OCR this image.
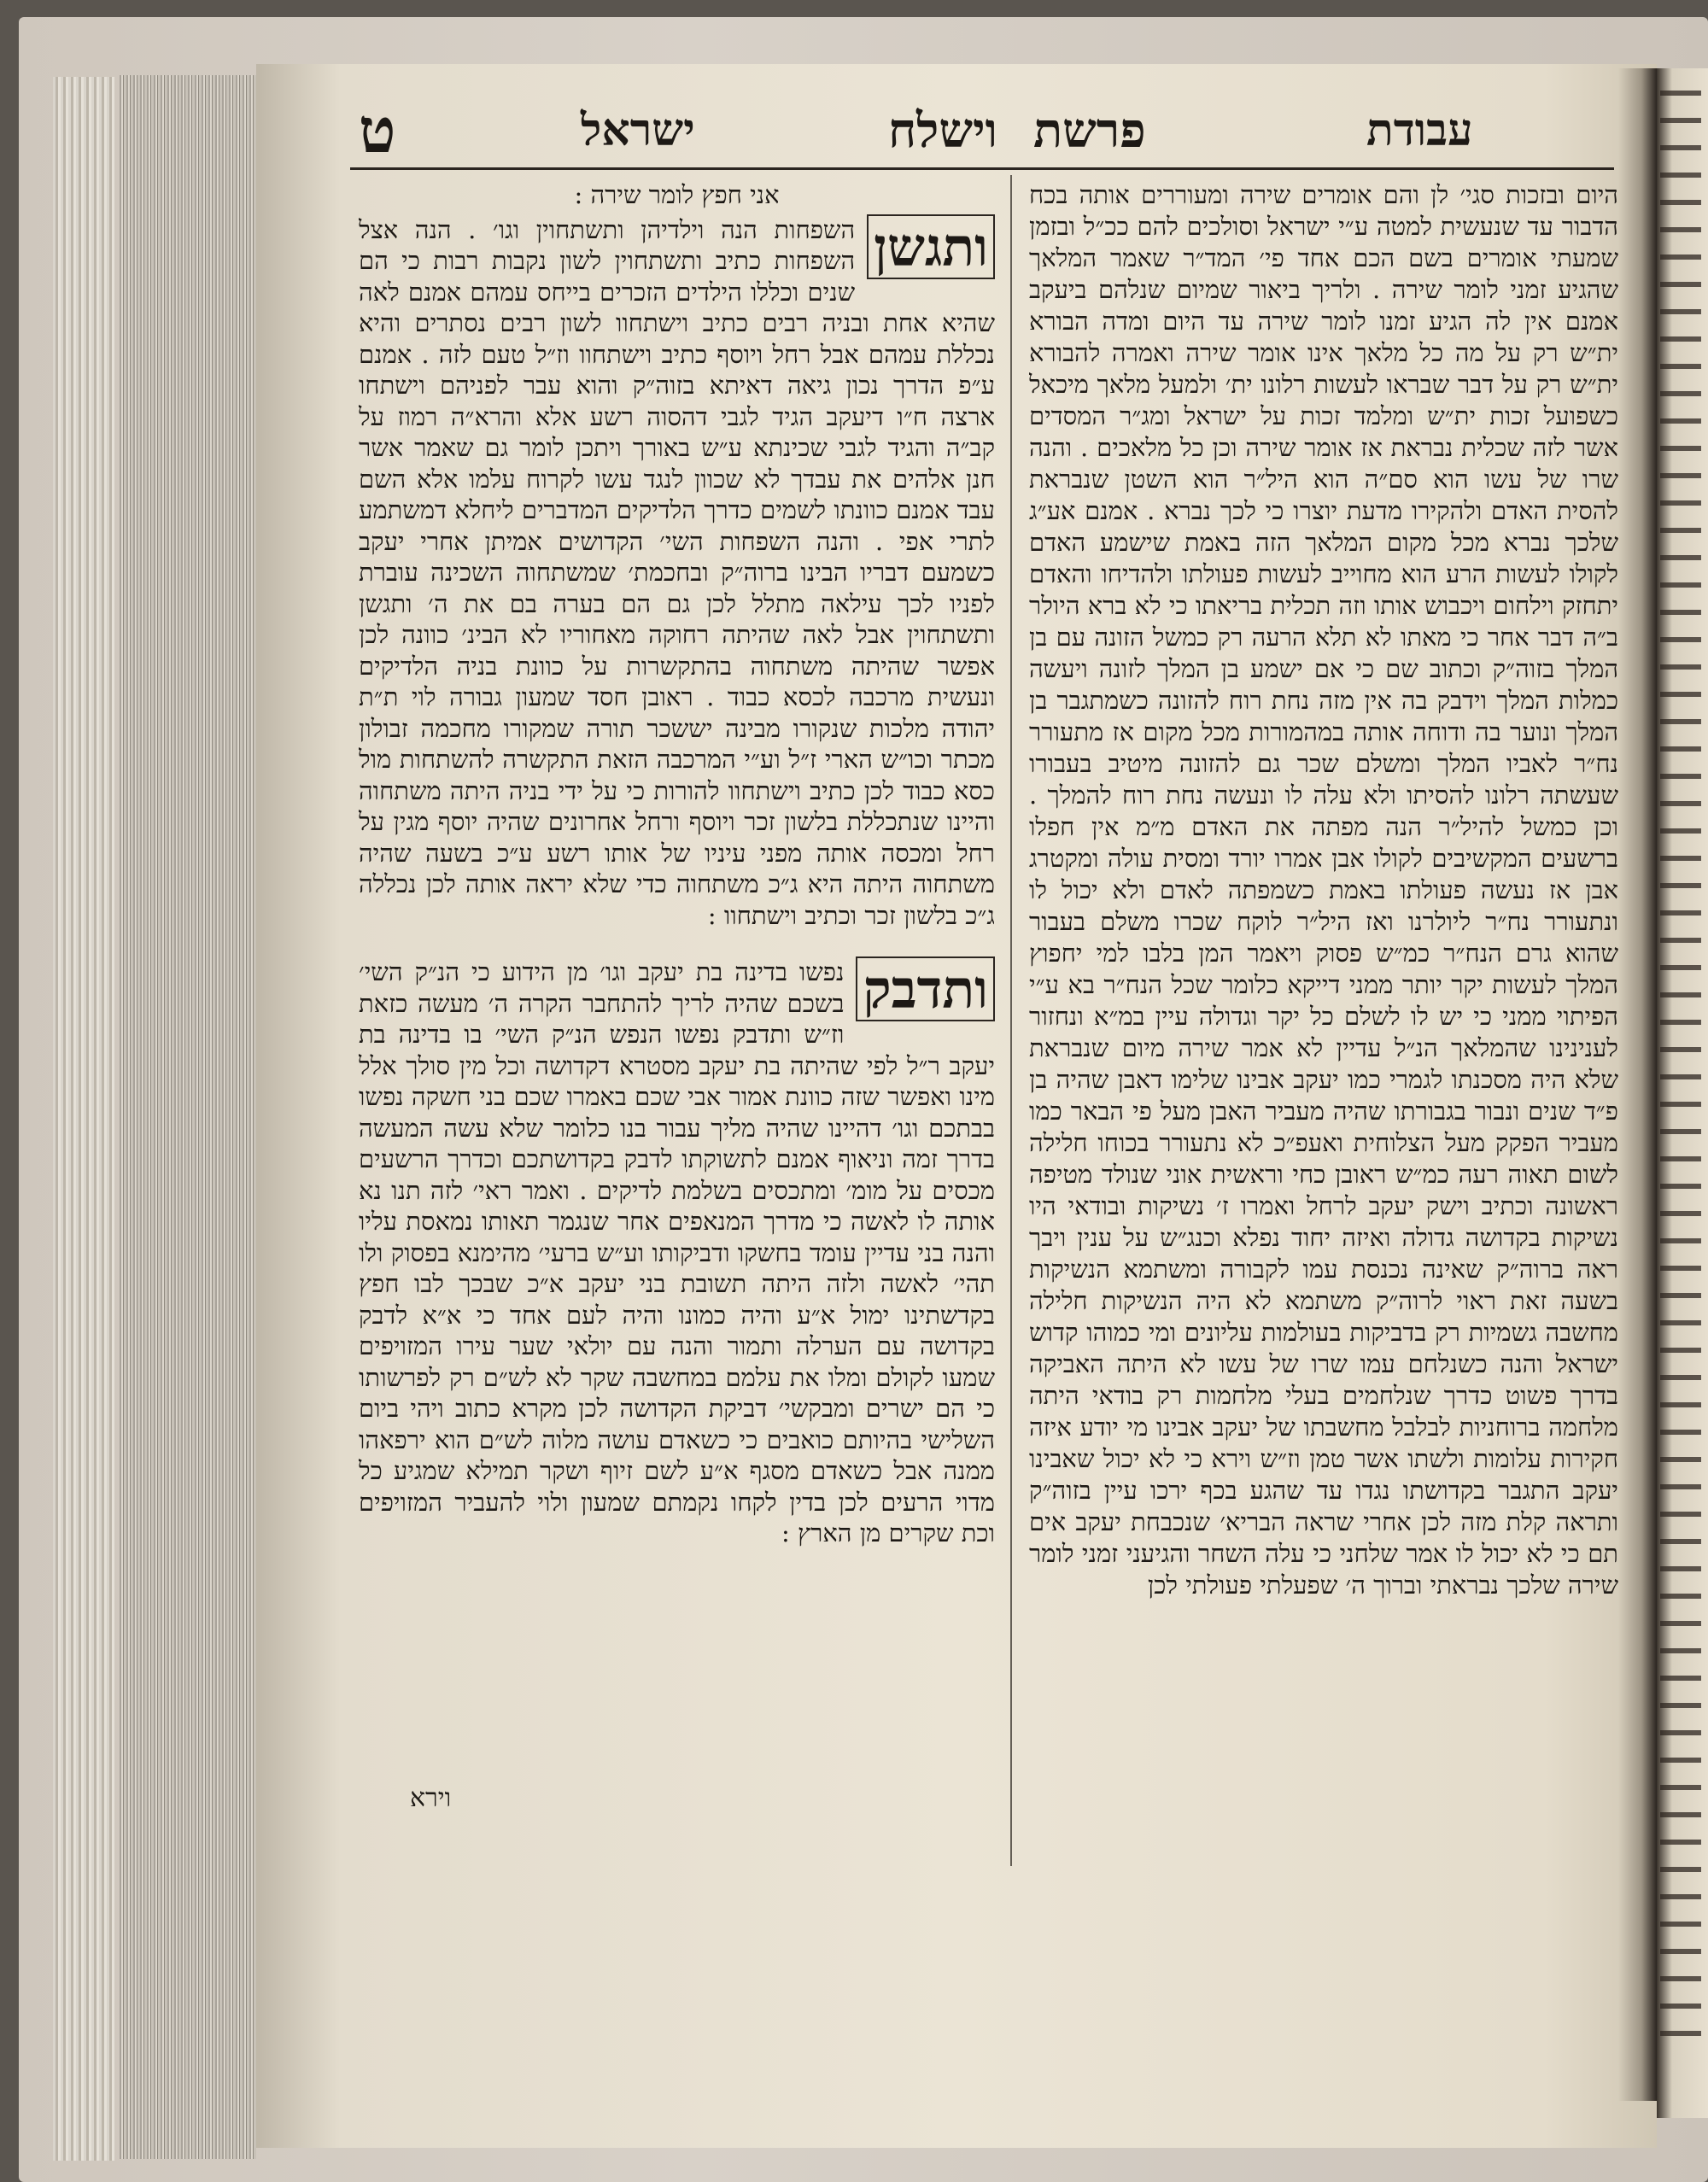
ט	ישראל	וישלח פרשת	עבודת

אני חפץ לומר שירה :

ותגשן
השפחות הנה וילדיהן ותשתחוין וגו׳ . הנה אצל השפחות כתיב ותשתחוין לשון נקבות רבות כי הם שנים וכללו הילדים הזכרים בייחס עמהם אמנם לאה שהיא אחת ובניה רבים כתיב וישתחוו לשון רבים נסתרים והיא נכללת עמהם אבל רחל ויוסף כתיב וישתחוו וז״ל טעם לזה . אמנם ע״פ הדרך נכון גיאה דאיתא בזוה״ק והוא עבר לפניהם וישתחו ארצה ח״ו דיעקב הגיד לגבי דהסוה רשע אלא והרא״ה רמוז על קב״ה והגיד לגבי שכינתא ע״ש באורך ויתכן לומר גם שאמר אשר חנן אלהים את עבדך לא שכוון לנגד עשו לקרוח עלמו אלא השם עבד אמנם כוונתו לשמים כדרך הלדיקים המדברים ליחלא דמשתמע לתרי אפי . והנה השפחות השי׳ הקדושים אמיתן אחרי יעקב כשמעם דבריו הבינו ברוה״ק ובחכמת׳ שמשתחוה השכינה עוברת לפניו לכך עילאה מתלל לכן גם הם בערה בם את ה׳ ותגשן ותשתחוין אבל לאה שהיתה רחוקה מאחוריו לא הבינ׳ כוונה לכן אפשר שהיתה משתחוה בהתקשרות על כוונת בניה הלדיקים ונעשית מרכבה לכסא כבוד . ראובן חסד שמעון גבורה לוי ת״ת יהודה מלכות שנקורו מבינה יששכר תורה שמקורו מחכמה זבולון מכתר וכו״ש הארי ז״ל וע״י המרכבה הזאת התקשרה להשתחות מול כסא כבוד לכן כתיב וישתחוו להורות כי על ידי בניה היתה משתחוה והיינו שנתכללת בלשון זכר ויוסף ורחל אחרונים שהיה יוסף מגין על רחל ומכסה אותה מפני עיניו של אותו רשע ע״כ בשעה שהיה משתחוה היתה היא ג״כ משתחוה כדי שלא יראה אותה לכן נכללה ג״כ בלשון זכר וכתיב וישתחוו :
ותדבק
נפשו בדינה בת יעקב וגו׳ מן הידוע כי הנ״ק השי׳ בשכם שהיה לריך להתחבר הקרה ה׳ מעשה כזאת וז״ש ותדבק נפשו הנפש הנ״ק השי׳ בו בדינה בת יעקב ר״ל לפי שהיתה בת יעקב מסטרא דקדושה וכל מין סולך אלל מינו ואפשר שזה כוונת אמור אבי שכם באמרו שכם בני חשקה נפשו בבתכם וגו׳ דהיינו שהיה מליך עבור בנו כלומר שלא עשה המעשה בדרך זמה וניאוף אמנם לתשוקתו לדבק בקדושתכם וכדרך הרשעים מכסים על מומ׳ ומתכסים בשלמת לדיקים . ואמר ראי׳ לזה תנו נא אותה לו לאשה כי מדרך המנאפים אחר שנגמר תאותו נמאסת עליו והנה בני עדיין עומד בחשקו ודביקותו וע״ש ברעי׳ מהימנא בפסוק ולו תהי׳ לאשה ולזה היתה תשובת בני יעקב א״כ שבכך לבו חפץ בקדשתינו ימול א״ע והיה כמונו והיה לעם אחד כי א״א לדבק בקדושה עם הערלה ותמור והנה עם יולאי שער עירו המזויפים שמעו לקולם ומלו את עלמם במחשבה שקר לא לש״ם רק לפרשותו כי הם ישרים ומבקשי׳ דביקת הקדושה לכן מקרא כתוב ויהי ביום השלישי בהיותם כואבים כי כשאדם עושה מלוה לש״ם הוא ירפאהו ממנה אבל כשאדם מסגף א״ע לשם זיוף ושקר תמילא שמגיע כל מדוי הרעים לכן בדין לקחו נקמתם שמעון ולוי להעביר המזויפים וכת שקרים מן הארץ :
וירא
היום ובזכות סגי׳ לן והם אומרים שירה ומעוררים אותה בכח הדבור עד שנעשית למטה ע״י ישראל וסולכים להם ככ״ל ובזמן שמעתי אומרים בשם הכם אחד פי׳ המד״ר שאמר המלאך שהגיע זמני לומר שירה . ולריך ביאור שמיום שנלהם ביעקב אמנם אין לה הגיע זמנו לומר שירה עד היום ומדה הבורא ית״ש רק על מה כל מלאך אינו אומר שירה ואמרה להבורא ית״ש רק על דבר שבראו לעשות רלונו ית׳ ולמעל מלאך מיכאל כשפועל זכות ית״ש ומלמד זכות על ישראל ומג״ר המסדים אשר לזה שכלית נבראת אז אומר שירה וכן כל מלאכים . והנה שרו של עשו הוא סם״ה הוא היל״ר הוא השטן שנבראת להסית האדם ולהקירו מדעת יוצרו כי לכך נברא . אמנם אע״ג שלכך נברא מכל מקום המלאך הזה באמת שישמע האדם לקולו לעשות הרע הוא מחוייב לעשות פעולתו ולהדיחו והאדם יתחזק וילחום ויכבוש אותו וזה תכלית בריאתו כי לא ברא היולר ב״ה דבר אחר כי מאתו לא תלא הרעה רק כמשל הזונה עם בן המלך בזוה״ק וכתוב שם כי אם ישמע בן המלך לזונה ויעשה כמלות המלך וידבק בה אין מזה נחת רוח להזונה כשמתגבר בן המלך ונוער בה ודוחה אותה במהמורות מכל מקום אז מתעורר נח״ר לאביו המלך ומשלם שכר גם להזונה מיטיב בעבורו שעשתה רלונו להסיתו ולא עלה לו ונעשה נחת רוח להמלך . וכן כמשל להיל״ר הנה מפתה את האדם מ״מ אין חפלו ברשעים המקשיבים לקולו אבן אמרו יורד ומסית עולה ומקטרג אבן אז נעשה פעולתו באמת כשמפתה לאדם ולא יכול לו ונתעורר נח״ר ליולרנו ואז היל״ר לוקח שכרו משלם בעבור שהוא גרם הנח״ר כמ״ש פסוק ויאמר המן בלבו למי יחפוץ המלך לעשות יקר יותר ממני דייקא כלומר שכל הנח״ר בא ע״י הפיתוי ממני כי יש לו לשלם כל יקר וגדולה עיין במ״א ונחזור לענינינו שהמלאך הנ״ל עדיין לא אמר שירה מיום שנבראת שלא היה מסכנתו לגמרי כמו יעקב אבינו שלימו דאבן שהיה בן פ״ד שנים ונבור בגבורתו שהיה מעביר האבן מעל פי הבאר כמו מעביר הפקק מעל הצלוחית ואעפ״כ לא נתעורר בכוחו חלילה לשום תאוה רעה כמ״ש ראובן כחי וראשית אוני שנולד מטיפה ראשונה וכתיב וישק יעקב לרחל ואמרו ז׳ נשיקות ובודאי היו נשיקות בקדושה גדולה ואיזה יחוד נפלא וכנג״ש על ענין ויבך ראה ברוה״ק שאינה נכנסת עמו לקבורה ומשתמא הנשיקות בשעה זאת ראוי לרוה״ק משתמא לא היה הנשיקות חלילה מחשבה גשמיות רק בדביקות בעולמות עליונים ומי כמוהו קדוש ישראל והנה כשנלחם עמו שרו של עשו לא היתה האביקה בדרך פשוט כדרך שנלחמים בעלי מלחמות רק בודאי היתה מלחמה ברוחניות לבלבל מחשבתו של יעקב אבינו מי יודע איזה חקירות עלומות ולשתו אשר טמן וז״ש וירא כי לא יכול שאבינו יעקב התגבר בקדושתו נגדו עד שהגע בכף ירכו עיין בזוה״ק ותראה קלת מזה לכן אחרי שראה הבריא׳ שנכבחת יעקב אים תם כי לא יכול לו אמר שלחני כי עלה השחר והגיעני זמני לומר שירה שלכך נבראתי וברוך ה׳ שפעלתי פעולתי לכן
